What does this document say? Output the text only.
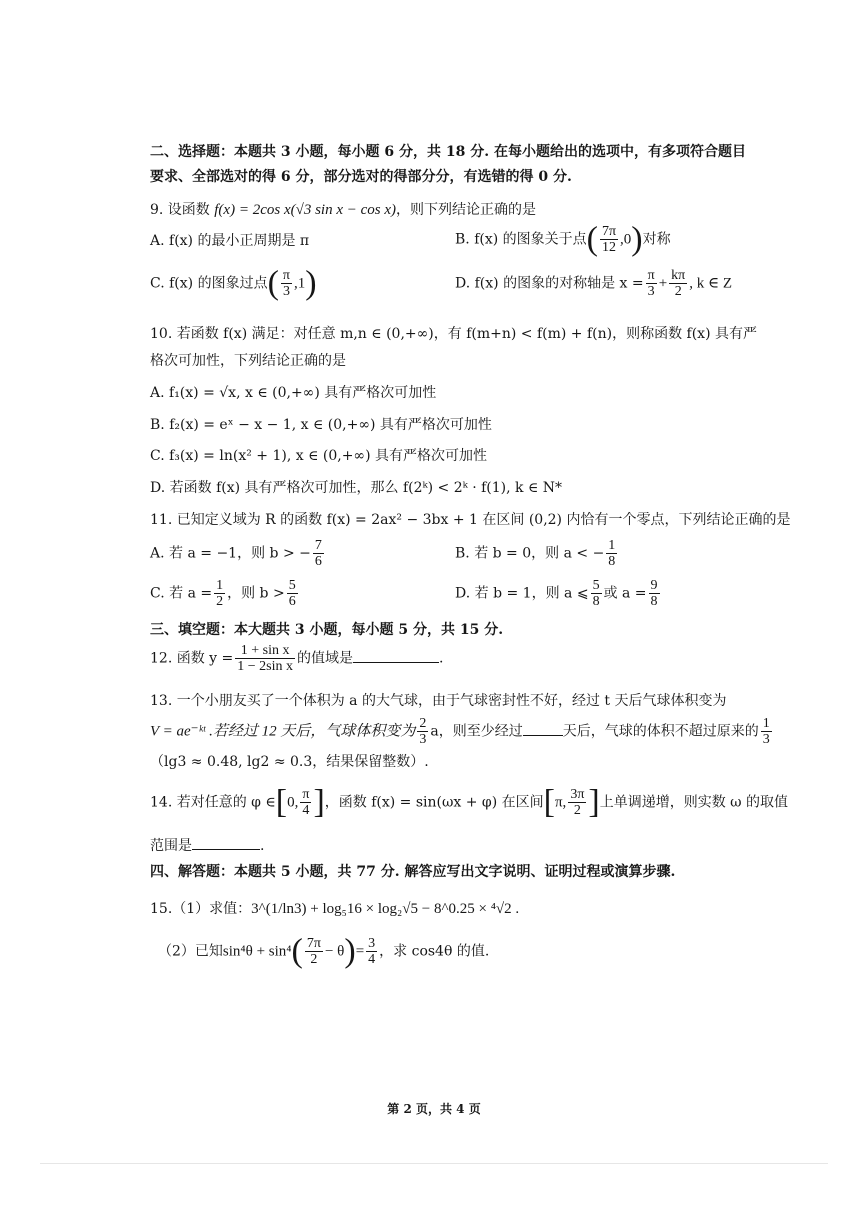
二、选择题：本题共 3 小题，每小题 6 分，共 18 分. 在每小题给出的选项中，有多项符合题目
要求、全部选对的得 6 分，部分选对的得部分分，有选错的得 0 分.
9. 设函数 f(x) = 2cos x(√3 sin x − cos x)，则下列结论正确的是
A. f(x) 的最小正周期是 π	B. f(x) 的图象关于点( $\frac{7\pi}{12} ,0$)对称
C. f(x) 的图象过点( $\frac{\pi}{3} ,1$)	D. f(x) 的图象的对称轴是 $x = \frac{\pi}{3} + \frac{k\pi}{2}$ , k ∈ Z
10. 若函数 f(x) 满足：对任意 m,n ∈ (0,+∞)，有 f(m+n) < f(m) + f(n)，则称函数 f(x) 具有严
格次可加性，下列结论正确的是
A. f₁(x) = √x, x ∈ (0,+∞) 具有严格次可加性
B. f₂(x) = eˣ − x − 1, x ∈ (0,+∞) 具有严格次可加性
C. f₃(x) = ln(x² + 1), x ∈ (0,+∞) 具有严格次可加性
D. 若函数 f(x) 具有严格次可加性，那么 f(2ᵏ) < 2ᵏ · f(1), k ∈ N*
11. 已知定义域为 R 的函数 f(x) = 2ax² − 3bx + 1 在区间 (0,2) 内恰有一个零点，下列结论正确的是
A. 若 a = −1，则 b > − $\frac{7}{6}$	B. 若 b = 0，则 a < − $\frac{1}{8}$
C. 若 $a = \frac{1}{2}$ ，则 $b > \frac{5}{6}$	D. 若 b = 1，则 a ⩽ $\frac{5}{8}$ 或 $a = \frac{9}{8}$
三、填空题：本大题共 3 小题，每小题 5 分，共 15 分.
12. 函数 $y = \frac{\text{1 + sin x}}{\text{1 − 2sin x}}$ 的值域是	.
13. 一个小朋友买了一个体积为 a 的大气球，由于气球密封性不好，经过 t 天后气球体积变为
V = ae⁻ᵏᵗ .若经过 12 天后，气球体积变为 $\frac{2}{3}$ a，则至少经过	天后，气球的体积不超过原来的 $\frac{1}{3}$
（lg3 ≈ 0.48, lg2 ≈ 0.3，结果保留整数）.
14. 若对任意的 φ ∈[0, $\frac{\pi}{4}$ ]，函数 f(x) = sin(ωx + φ) 在区间[π, $\frac{3\pi}{2}$ ]上单调递增，则实数 ω 的取值
范围是	.
四、解答题：本题共 5 小题，共 77 分. 解答应写出文字说明、证明过程或演算步骤.
15.（1）求值：3^(1/ln3) + log₅16 × log₂√5 − 8^0.25 × ⁴√2 .
（2）已知$\sin^4\theta + \sin^4( \frac{7\pi}{2} - \theta)= \frac{3}{4}$ ，求 cos4θ 的值.
第 2 页，共 4 页
